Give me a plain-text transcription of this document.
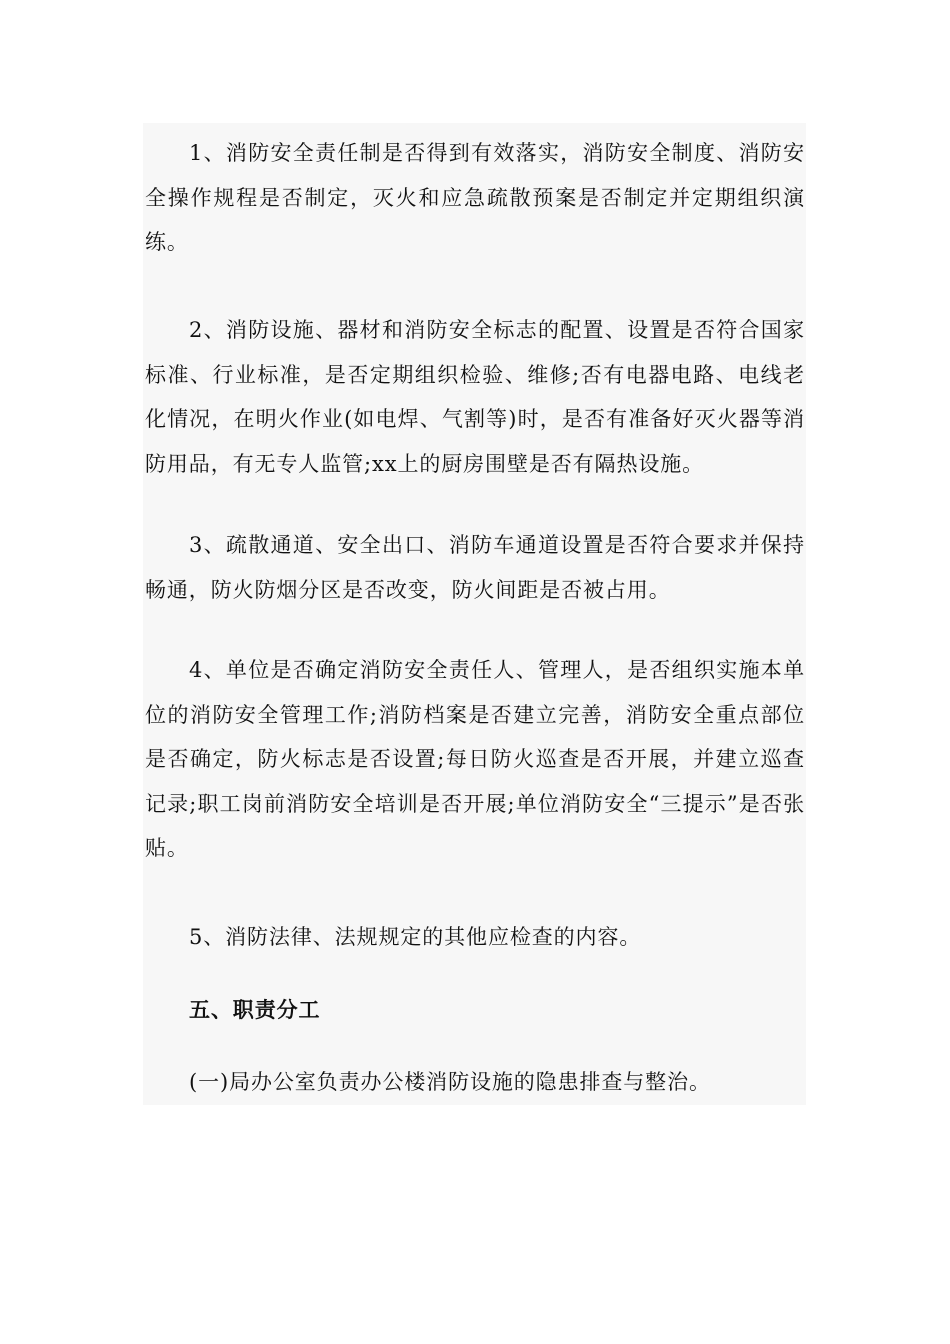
1、消防安全责任制是否得到有效落实，消防安全制度、消防安全操作规程是否制定，灭火和应急疏散预案是否制定并定期组织演练。

2、消防设施、器材和消防安全标志的配置、设置是否符合国家标准、行业标准，是否定期组织检验、维修;否有电器电路、电线老化情况，在明火作业(如电焊、气割等)时，是否有准备好灭火器等消防用品，有无专人监管;xx上的厨房围壁是否有隔热设施。

3、疏散通道、安全出口、消防车通道设置是否符合要求并保持畅通，防火防烟分区是否改变，防火间距是否被占用。

4、单位是否确定消防安全责任人、管理人，是否组织实施本单位的消防安全管理工作;消防档案是否建立完善，消防安全重点部位是否确定，防火标志是否设置;每日防火巡查是否开展，并建立巡查记录;职工岗前消防安全培训是否开展;单位消防安全“三提示”是否张贴。

5、消防法律、法规规定的其他应检查的内容。

五、职责分工

(一)局办公室负责办公楼消防设施的隐患排查与整治。
